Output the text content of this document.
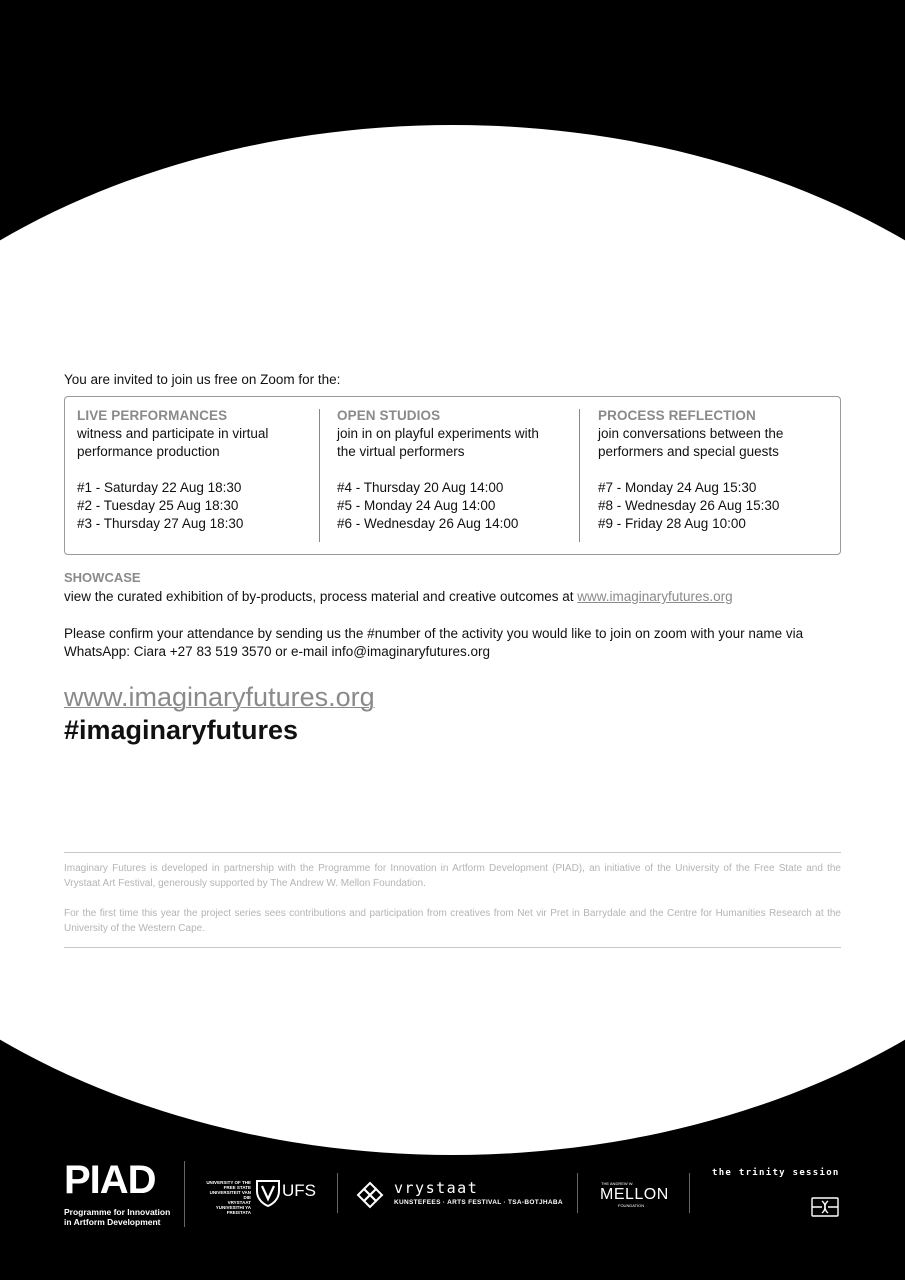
You are invited to join us free on Zoom for the:
LIVE PERFORMANCES
witness and participate in virtual
performance production
#1 - Saturday 22 Aug 18:30
#2 - Tuesday 25 Aug 18:30
#3 - Thursday 27 Aug 18:30
OPEN STUDIOS
join in on playful experiments with
the virtual performers
#4 - Thursday 20 Aug 14:00
#5 - Monday 24 Aug 14:00
#6 - Wednesday 26 Aug 14:00
PROCESS REFLECTION
join conversations between the
performers and special guests
#7 - Monday 24 Aug 15:30
#8 - Wednesday 26 Aug 15:30
#9 - Friday 28 Aug 10:00
SHOWCASE
view the curated exhibition of by-products, process material and creative outcomes at www.imaginaryfutures.org
Please confirm your attendance by sending us the #number of the activity you would like to join on zoom with your name via WhatsApp: Ciara +27 83 519 3570 or e-mail info@imaginaryfutures.org
www.imaginaryfutures.org
#imaginaryfutures
Imaginary Futures is developed in partnership with the Programme for Innovation in Artform Development (PIAD), an initiative of the University of the Free State and the Vrystaat Art Festival, generously supported by The Andrew W. Mellon Foundation.
For the first time this year the project series sees contributions and participation from creatives from Net vir Pret in Barrydale and the Centre for Humanities Research at the University of the Western Cape.
PIAD
Programme for Innovation
in Artform Development
UNIVERSITY OF THE
FREE STATE
UNIVERSITEIT VAN DIE
VRYSTAAT
YUNIVESITHI YA
FREISTATA
UFS	vrystaat
KUNSTEFEES · ARTS FESTIVAL · TSA-BOTJHABA
THE ANDREW W.
MELLON
FOUNDATION
the trinity session
